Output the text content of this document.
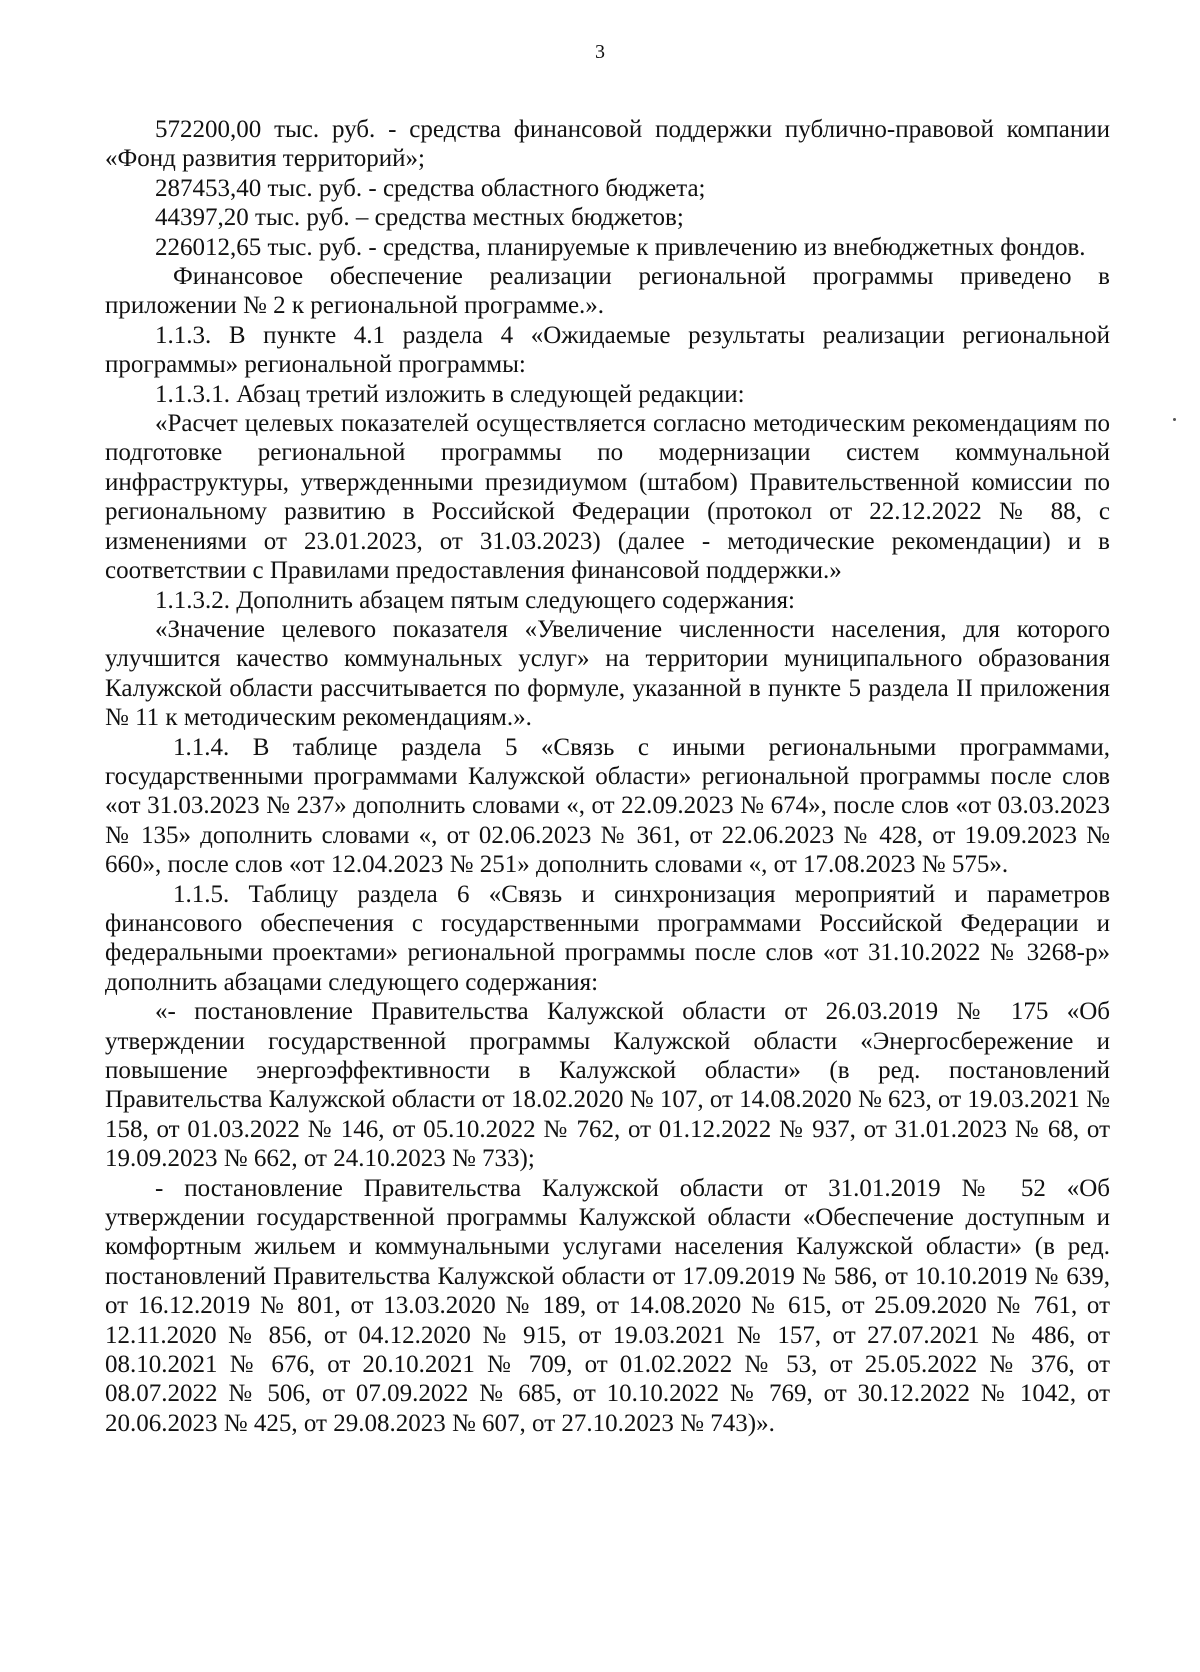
3

572200,00 тыс. руб. - средства финансовой поддержки публично-правовой компании «Фонд развития территорий»;

287453,40 тыс. руб. - средства областного бюджета;

44397,20 тыс. руб. – средства местных бюджетов;

226012,65 тыс. руб. - средства, планируемые к привлечению из внебюджетных фондов.

Финансовое обеспечение реализации региональной программы приведено в приложении № 2 к региональной программе.».

1.1.3. В пункте 4.1 раздела 4 «Ожидаемые результаты реализации региональной программы» региональной программы:

1.1.3.1. Абзац третий изложить в следующей редакции:

«Расчет целевых показателей осуществляется согласно методическим рекомендациям по подготовке региональной программы по модернизации систем коммунальной инфраструктуры, утвержденными президиумом (штабом) Правительственной комиссии по региональному развитию в Российской Федерации (протокол от 22.12.2022 № 88, с изменениями от 23.01.2023, от 31.03.2023) (далее - методические рекомендации) и в соответствии с Правилами предоставления финансовой поддержки.»

1.1.3.2. Дополнить абзацем пятым следующего содержания:

«Значение целевого показателя «Увеличение численности населения, для которого улучшится качество коммунальных услуг» на территории муниципального образования Калужской области рассчитывается по формуле, указанной в пункте 5 раздела II приложения № 11 к методическим рекомендациям.».

1.1.4. В таблице раздела 5 «Связь с иными региональными программами, государственными программами Калужской области» региональной программы после слов «от 31.03.2023 № 237» дополнить словами «, от 22.09.2023 № 674», после слов «от 03.03.2023 № 135» дополнить словами «, от 02.06.2023 № 361, от 22.06.2023 № 428, от 19.09.2023 № 660», после слов «от 12.04.2023 № 251» дополнить словами «, от 17.08.2023 № 575».

1.1.5. Таблицу раздела 6 «Связь и синхронизация мероприятий и параметров финансового обеспечения с государственными программами Российской Федерации и федеральными проектами» региональной программы после слов «от 31.10.2022 № 3268-р» дополнить абзацами следующего содержания:

«- постановление Правительства Калужской области от 26.03.2019 № 175 «Об утверждении государственной программы Калужской области «Энергосбережение и повышение энергоэффективности в Калужской области» (в ред. постановлений Правительства Калужской области от 18.02.2020 № 107, от 14.08.2020 № 623, от 19.03.2021 № 158, от 01.03.2022 № 146, от 05.10.2022 № 762, от 01.12.2022 № 937, от 31.01.2023 № 68, от 19.09.2023 № 662, от 24.10.2023 № 733);

- постановление Правительства Калужской области от 31.01.2019 № 52 «Об утверждении государственной программы Калужской области «Обеспечение доступным и комфортным жильем и коммунальными услугами населения Калужской области» (в ред. постановлений Правительства Калужской области от 17.09.2019 № 586, от 10.10.2019 № 639, от 16.12.2019 № 801, от 13.03.2020 № 189, от 14.08.2020 № 615, от 25.09.2020 № 761, от 12.11.2020 № 856, от 04.12.2020 № 915, от 19.03.2021 № 157, от 27.07.2021 № 486, от 08.10.2021 № 676, от 20.10.2021 № 709, от 01.02.2022 № 53, от 25.05.2022 № 376, от 08.07.2022 № 506, от 07.09.2022 № 685, от 10.10.2022 № 769, от 30.12.2022 № 1042, от 20.06.2023 № 425, от 29.08.2023 № 607, от 27.10.2023 № 743)».
